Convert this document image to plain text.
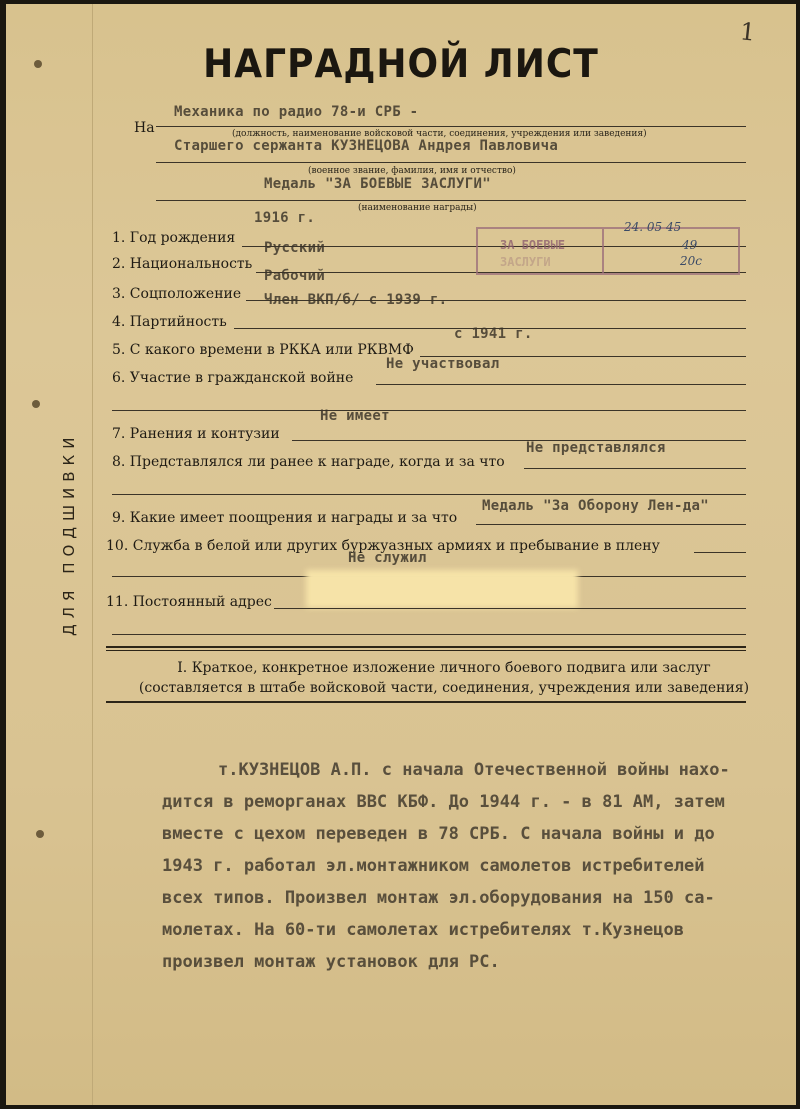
ДЛЯ ПОДШИВКИ
1
НАГРАДНОЙ ЛИСТ
На
Механика по радио 78-и СРБ -
(должность, наименование войсковой части, соединения, учреждения или заведения)
Старшего сержанта КУЗНЕЦОВА Андрея Павловича
(военное звание, фамилия, имя и отчество)
Медаль "ЗА БОЕВЫЕ ЗАСЛУГИ"
(наименование награды)
1. Год рождения
1916 г.
2. Национальность
Русский
3. Соцположение
Рабочий
Член ВКП/б/ с 1939 г.
4. Партийность
5. С какого времени в РККА или РКВМФ
с 1941 г.
6. Участие в гражданской войне
Не участвовал
Не имеет
7. Ранения и контузии
8. Представлялся ли ранее к награде, когда и за что
Не представлялся
Медаль "За Оборону Лен-да"
9. Какие имеет поощрения и награды и за что
10. Служба в белой или других буржуазных армиях и пребывание в плену
Не служил
11. Постоянный адрес
ЗА БОЕВЫЕ
ЗАСЛУГИ
24. 05 45
49
20с
I. Краткое, конкретное изложение личного боевого подвига или заслуг
(составляется в штабе войсковой части, соединения, учреждения или заведения)
т.КУЗНЕЦОВ А.П. с начала Отечественной войны нахо-
дится в реморганах ВВС КБФ. До 1944 г. - в 81 АМ, затем
вместе с цехом переведен в 78 СРБ. С начала войны и до
1943 г. работал эл.монтажником самолетов истребителей
всех типов. Произвел монтаж эл.оборудования на 150 са-
молетах. На 60-ти самолетах истребителях т.Кузнецов
произвел монтаж установок для РС.
